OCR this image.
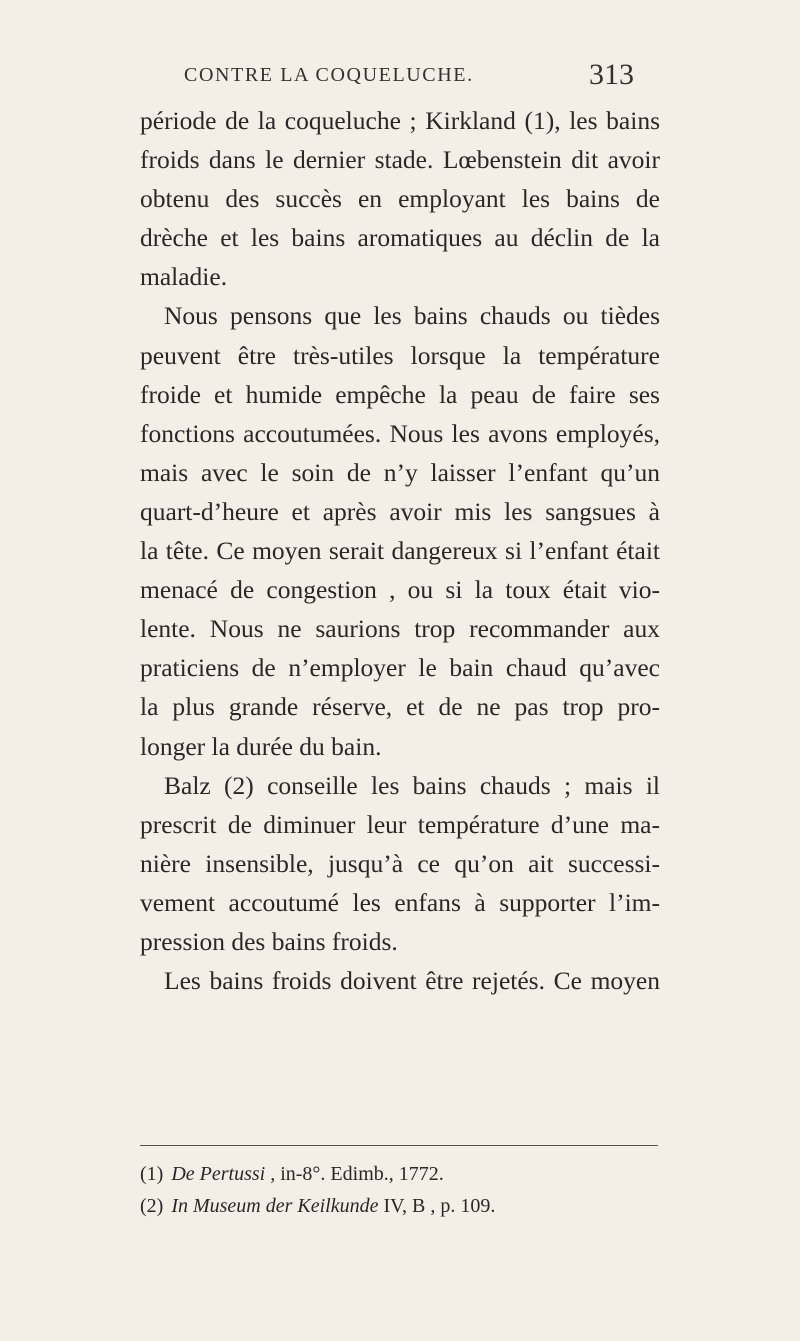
CONTRE LA COQUELUCHE.	313
période de la coqueluche ; Kirkland (1), les bains
froids dans le dernier stade. Lœbenstein dit avoir
obtenu des succès en employant les bains de
drèche et les bains aromatiques au déclin de la
maladie.
Nous pensons que les bains chauds ou tièdes
peuvent être très-utiles lorsque la température
froide et humide empêche la peau de faire ses
fonctions accoutumées. Nous les avons employés,
mais avec le soin de n’y laisser l’enfant qu’un
quart-d’heure et après avoir mis les sangsues à
la tête. Ce moyen serait dangereux si l’enfant était
menacé de congestion , ou si la toux était vio-
lente. Nous ne saurions trop recommander aux
praticiens de n’employer le bain chaud qu’avec
la plus grande réserve, et de ne pas trop pro-
longer la durée du bain.
Balz (2) conseille les bains chauds ; mais il
prescrit de diminuer leur température d’une ma-
nière insensible, jusqu’à ce qu’on ait successi-
vement accoutumé les enfans à supporter l’im-
pression des bains froids.
Les bains froids doivent être rejetés. Ce moyen
(1) De Pertussi , in-8°. Edimb., 1772.
(2) In Museum der Keilkunde IV, B , p. 109.
